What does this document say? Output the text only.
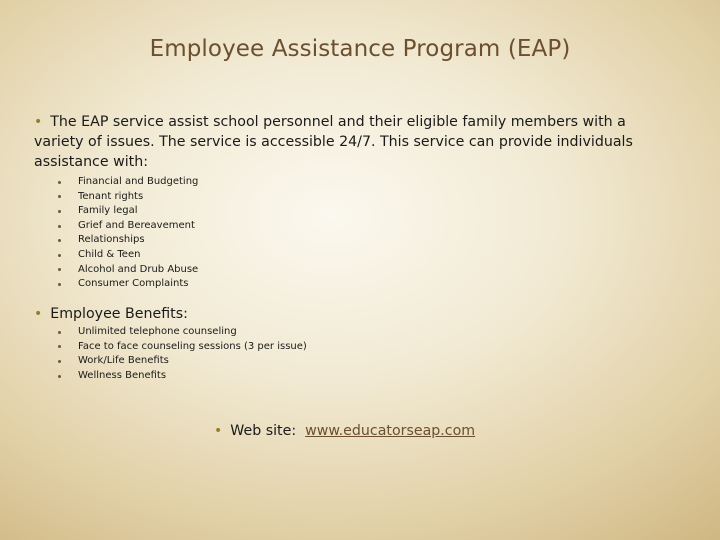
Employee Assistance Program (EAP)
• The EAP service assist school personnel and their eligible family members with a variety of issues. The service is accessible 24/7. This service can provide individuals assistance with:
Financial and Budgeting
Tenant rights
Family legal
Grief and Bereavement
Relationships
Child & Teen
Alcohol and Drub Abuse
Consumer Complaints
• Employee Benefits:
Unlimited telephone counseling
Face to face counseling sessions (3 per issue)
Work/Life Benefits
Wellness Benefits
• Web site: www.educatorseap.com
